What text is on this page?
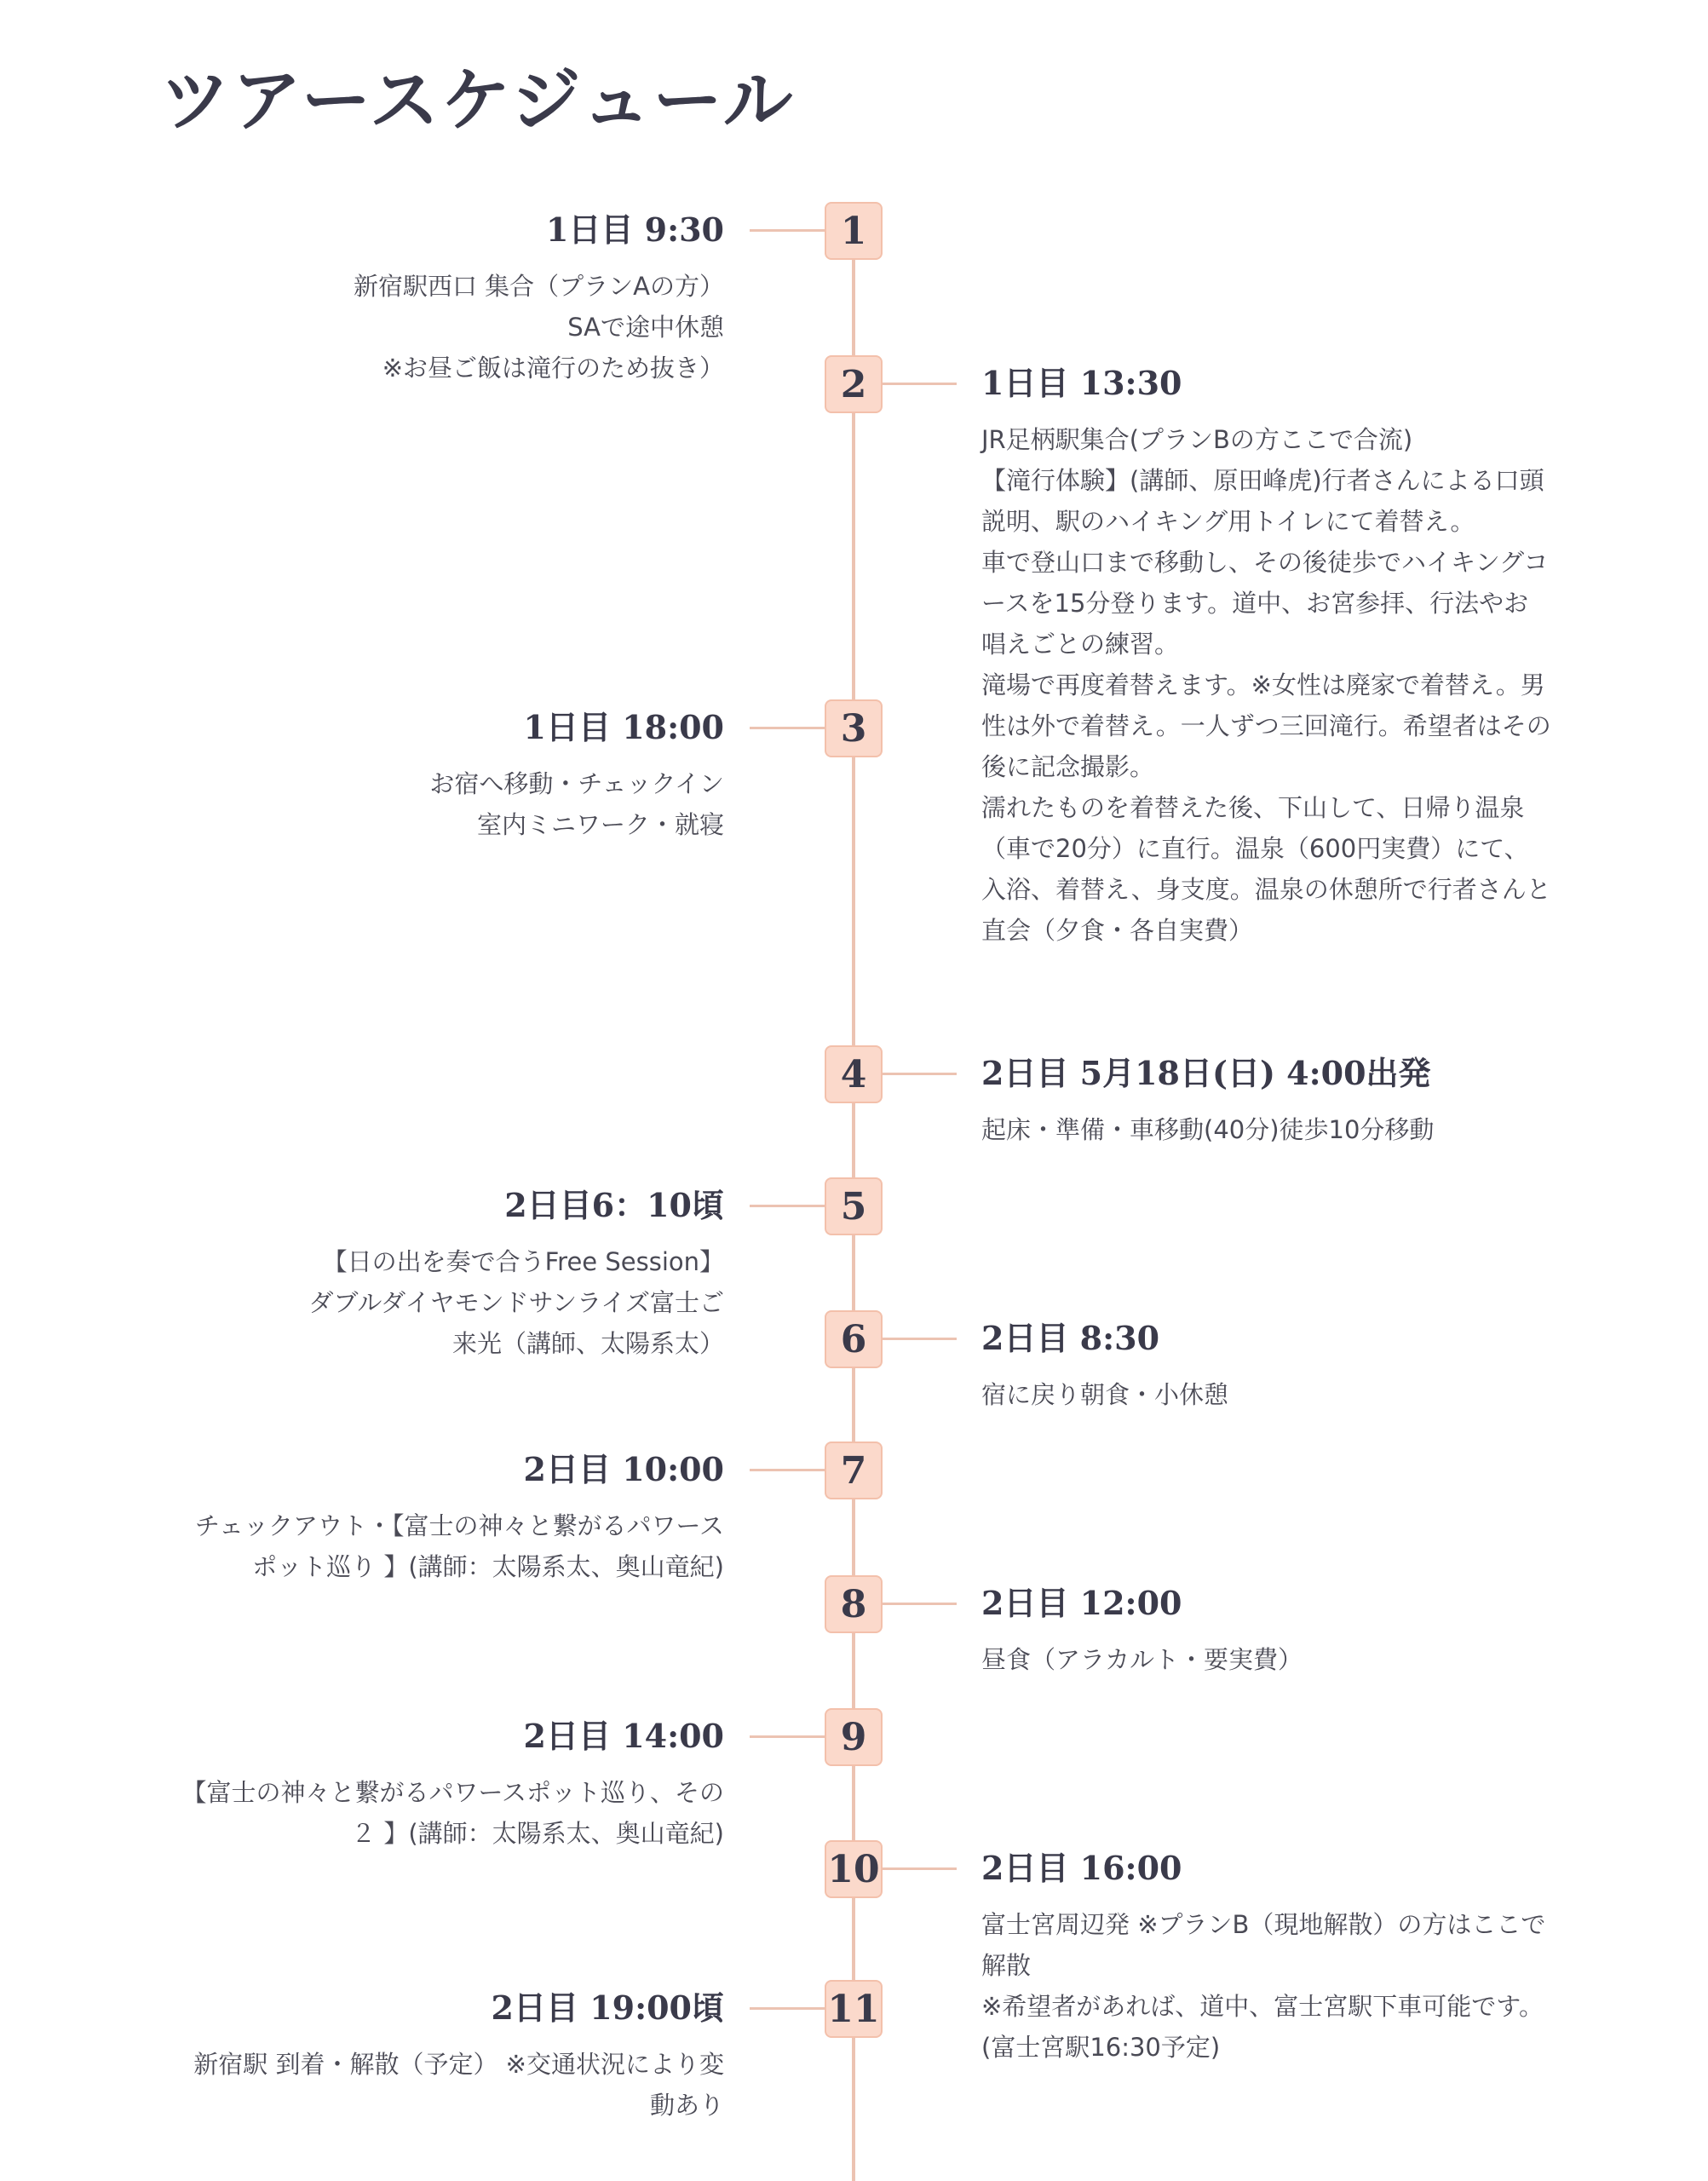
ツアースケジュール
1
1日目 9:30
新宿駅西口 集合（プランAの方）
SAで途中休憩
※お昼ご飯は滝行のため抜き）	2	1日目 13:30
JR足柄駅集合(プランBの方ここで合流)
【滝行体験】(講師、原田峰虎)行者さんによる口頭説明、駅のハイキング用トイレにて着替え。
車で登山口まで移動し、その後徒歩でハイキングコースを15分登ります。道中、お宮参拝、行法やお唱えごとの練習。
滝場で再度着替えます。※女性は廃家で着替え。男性は外で着替え。一人ずつ三回滝行。希望者はその後に記念撮影。
濡れたものを着替えた後、下山して、日帰り温泉（車で20分）に直行。温泉（600円実費）にて、入浴、着替え、身支度。温泉の休憩所で行者さんと直会（夕食・各自実費）
3
1日目 18:00
お宿へ移動・チェックイン
室内ミニワーク・就寝
4	2日目 5月18日(日) 4:00出発
起床・準備・車移動(40分)徒歩10分移動
5
2日目6：10頃
【日の出を奏で合うFree Session】
ダブルダイヤモンドサンライズ富士ご
来光（講師、太陽系太）	6	2日目 8:30
宿に戻り朝食・小休憩
7
2日目 10:00
チェックアウト・【富士の神々と繋がるパワース
ポット巡り 】(講師：太陽系太、奥山竜紀)
8	2日目 12:00
昼食（アラカルト・要実費）
9
2日目 14:00
【富士の神々と繋がるパワースポット巡り、その
２ 】(講師：太陽系太、奥山竜紀)
10	2日目 16:00
富士宮周辺発 ※プランB（現地解散）の方はここで解散
※希望者があれば、道中、富士宮駅下車可能です。(富士宮駅16:30予定)
11
2日目 19:00頃
新宿駅 到着・解散（予定） ※交通状況により変
動あり
